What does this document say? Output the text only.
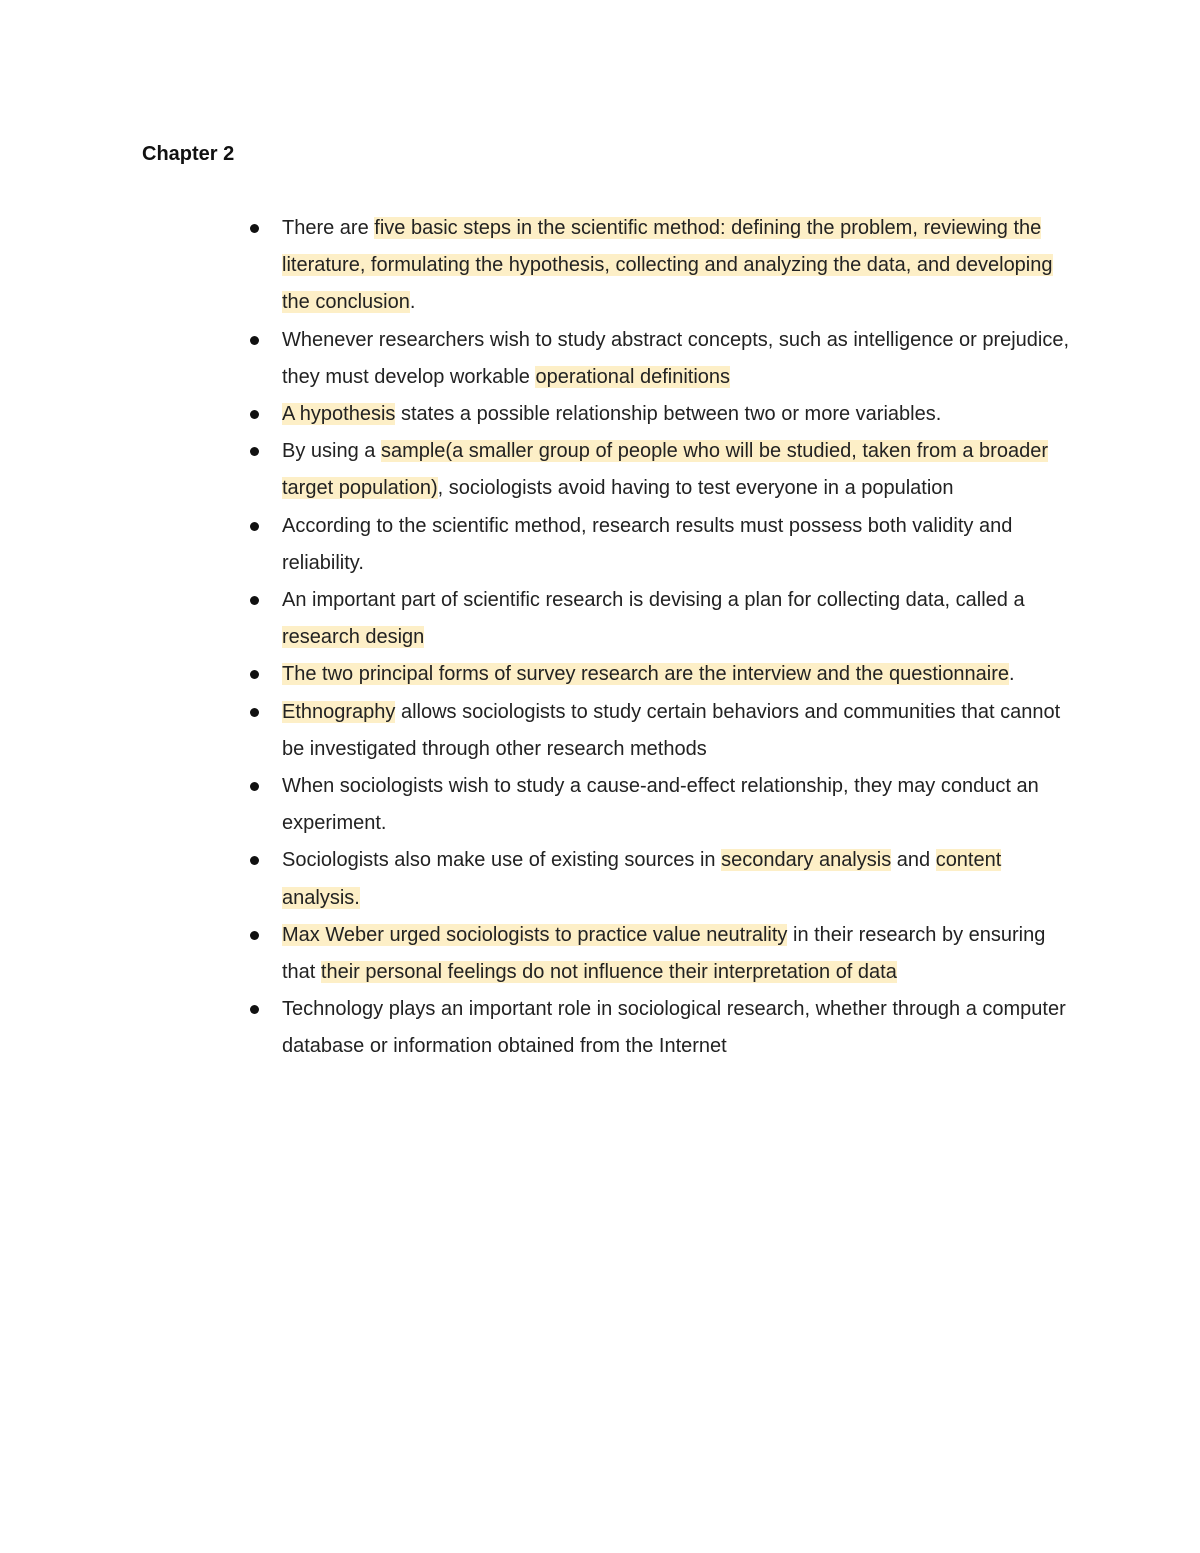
Chapter 2
There are five basic steps in the scientific method: defining the problem, reviewing the literature, formulating the hypothesis, collecting and analyzing the data, and developing the conclusion.
Whenever researchers wish to study abstract concepts, such as intelligence or prejudice, they must develop workable operational definitions
A hypothesis states a possible relationship between two or more variables.
By using a sample(a smaller group of people who will be studied, taken from a broader target population), sociologists avoid having to test everyone in a population
According to the scientific method, research results must possess both validity and reliability.
An important part of scientific research is devising a plan for collecting data, called a research design
The two principal forms of survey research are the interview and the questionnaire.
Ethnography allows sociologists to study certain behaviors and communities that cannot be investigated through other research methods
When sociologists wish to study a cause-and-effect relationship, they may conduct an experiment.
Sociologists also make use of existing sources in secondary analysis and content analysis.
Max Weber urged sociologists to practice value neutrality in their research by ensuring that their personal feelings do not influence their interpretation of data
Technology plays an important role in sociological research, whether through a computer database or information obtained from the Internet
